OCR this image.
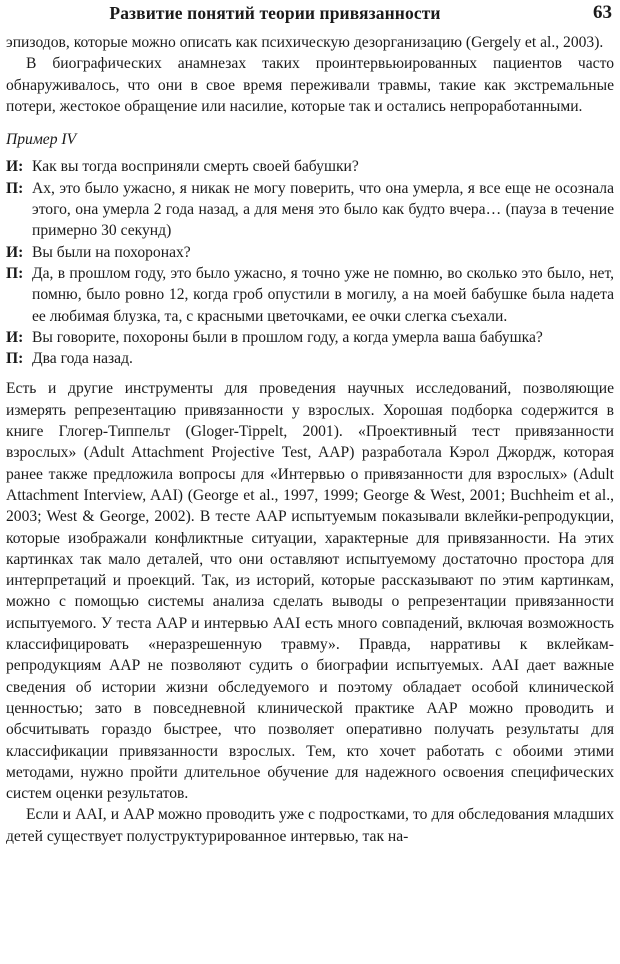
Развитие понятий теории привязанности	63

эпизодов, которые можно описать как психическую дезорганизацию (Gergely et al., 2003).

В биографических анамнезах таких проинтервьюированных пациентов часто обнаруживалось, что они в свое время переживали травмы, такие как экстремальные потери, жестокое обращение или насилие, которые так и остались непроработанными.

Пример IV

И: Как вы тогда восприняли смерть своей бабушки?
П: Ах, это было ужасно, я никак не могу поверить, что она умерла, я все еще не осознала этого, она умерла 2 года назад, а для меня это было как будто вчера… (пауза в течение примерно 30 секунд)
И: Вы были на похоронах?
П: Да, в прошлом году, это было ужасно, я точно уже не помню, во сколько это было, нет, помню, было ровно 12, когда гроб опустили в могилу, а на моей бабушке была надета ее любимая блузка, та, с красными цветочками, ее очки слегка съехали.
И: Вы говорите, похороны были в прошлом году, а когда умерла ваша бабушка?
П: Два года назад.

Есть и другие инструменты для проведения научных исследований, позволяющие измерять репрезентацию привязанности у взрослых. Хорошая подборка содержится в книге Глогер-Типпельт (Gloger-Tippelt, 2001). «Проективный тест привязанности взрослых» (Adult Attachment Projective Test, AAP) разработала Кэрол Джордж, которая ранее также предложила вопросы для «Интервью о привязанности для взрослых» (Adult Attachment Interview, AAI) (George et al., 1997, 1999; George & West, 2001; Buchheim et al., 2003; West & George, 2002). В тесте AAP испытуемым показывали вклейки-репродукции, которые изображали конфликтные ситуации, характерные для привязанности. На этих картинках так мало деталей, что они оставляют испытуемому достаточно простора для интерпретаций и проекций. Так, из историй, которые рассказывают по этим картинкам, можно с помощью системы анализа сделать выводы о репрезентации привязанности испытуемого. У теста AAP и интервью AAI есть много совпадений, включая возможность классифицировать «неразрешенную травму». Правда, нарративы к вклейкам-репродукциям AAP не позволяют судить о биографии испытуемых. AAI дает важные сведения об истории жизни обследуемого и поэтому обладает особой клинической ценностью; зато в повседневной клинической практике AAP можно проводить и обсчитывать гораздо быстрее, что позволяет оперативно получать результаты для классификации привязанности взрослых. Тем, кто хочет работать с обоими этими методами, нужно пройти длительное обучение для надежного освоения специфических систем оценки результатов.

Если и AAI, и AAP можно проводить уже с подростками, то для обследования младших детей существует полуструктурированное интервью, так на-
